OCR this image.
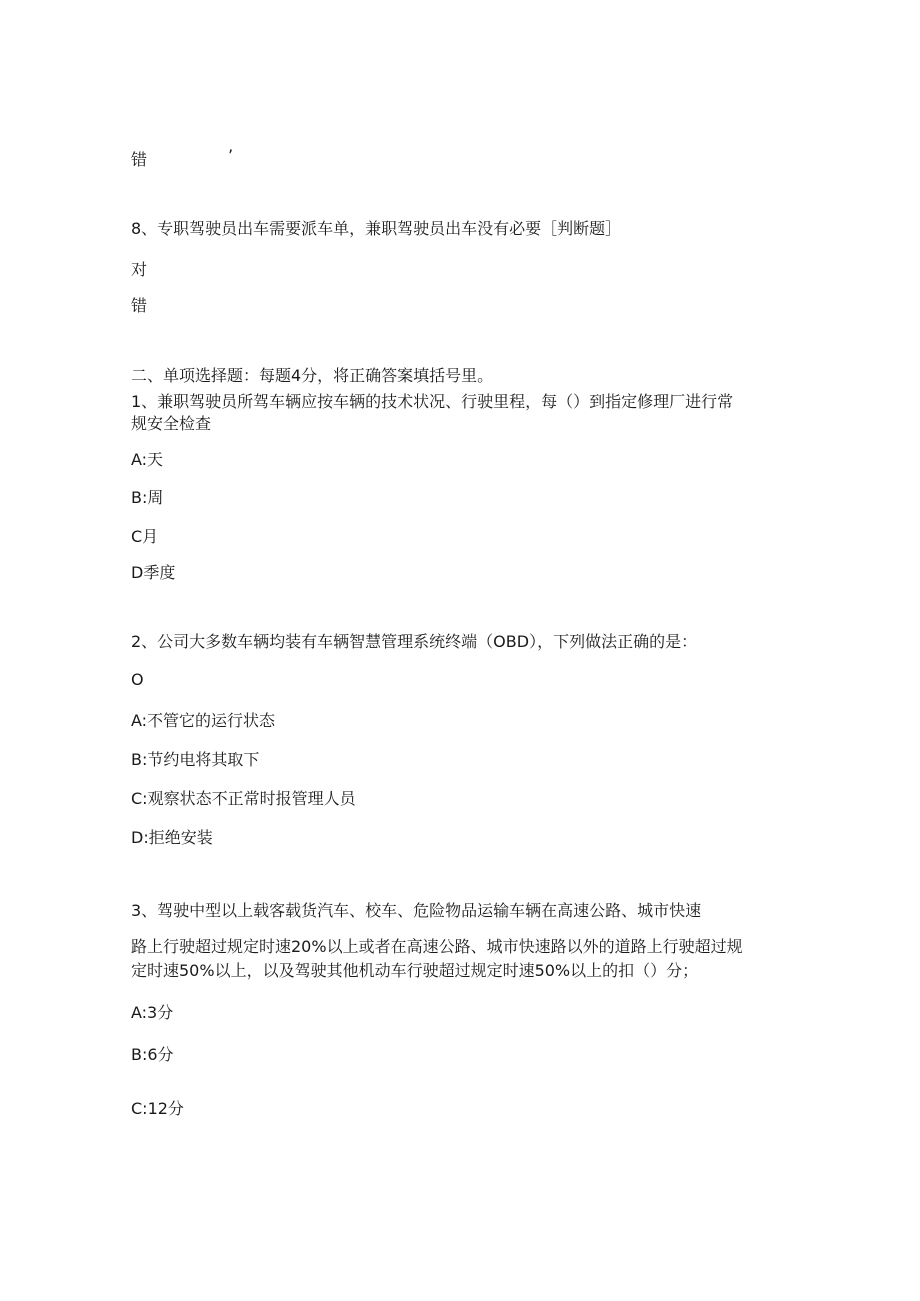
错	’
8、专职驾驶员出车需要派车单，兼职驾驶员出车没有必要［判断题］
对
错
二、单项选择题：每题4分，将正确答案填括号里。
1、兼职驾驶员所驾车辆应按车辆的技术状况、行驶里程，每（）到指定修理厂进行常
规安全检查
A:天
B:周
C月
D季度
2、公司大多数车辆均装有车辆智慧管理系统终端（OBD），下列做法正确的是：
O
A:不管它的运行状态
B:节约电将其取下
C:观察状态不正常时报管理人员
D:拒绝安装
3、驾驶中型以上载客载货汽车、校车、危险物品运输车辆在高速公路、城市快速
路上行驶超过规定时速20%以上或者在高速公路、城市快速路以外的道路上行驶超过规
定时速50%以上，以及驾驶其他机动车行驶超过规定时速50%以上的扣（）分；
A:3分
B:6分
C:12分
